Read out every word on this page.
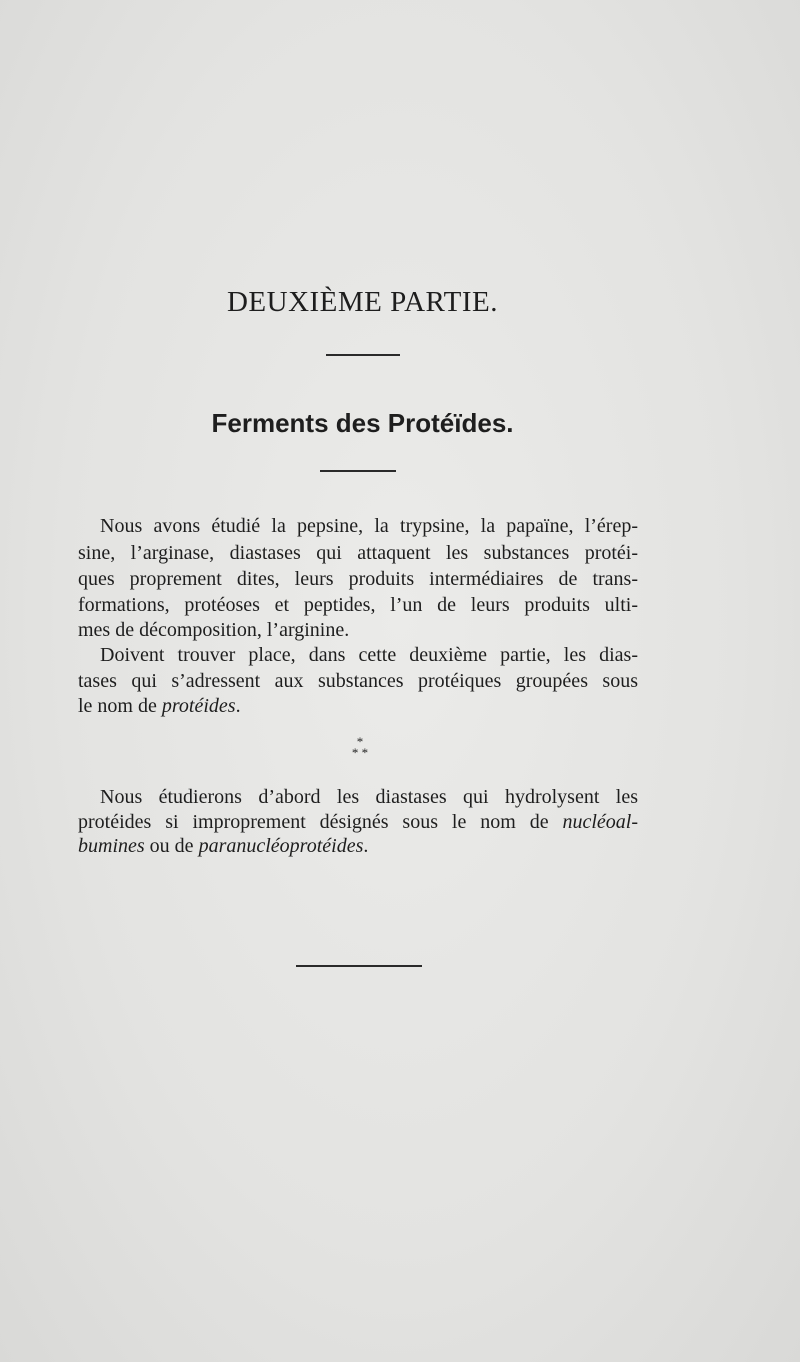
DEUXIÈME PARTIE.
Ferments des Protéïdes.
Nous avons étudié la pepsine, la trypsine, la papaïne, l’érep-
sine, l’arginase, diastases qui attaquent les substances protéi-
ques proprement dites, leurs produits intermédiaires de trans-
formations, protéoses et peptides, l’un de leurs produits ulti-
mes de décomposition, l’arginine.
Doivent trouver place, dans cette deuxième partie, les dias-
tases qui s’adressent aux substances protéiques groupées sous
le nom de protéides.
*
* *
Nous étudierons d’abord les diastases qui hydrolysent les
protéides si improprement désignés sous le nom de nucléoal-
bumines ou de paranucléoprotéides.
